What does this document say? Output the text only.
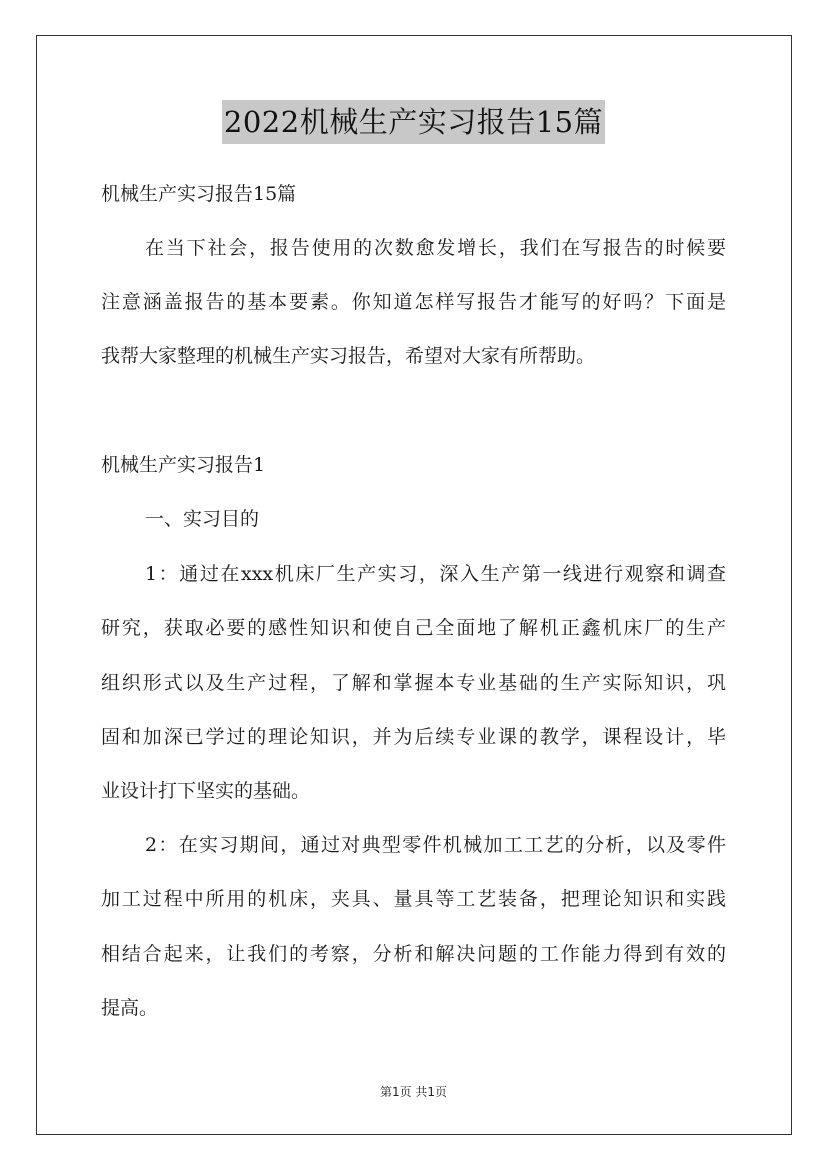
2022机械生产实习报告15篇
机械生产实习报告15篇
在当下社会，报告使用的次数愈发增长，我们在写报告的时候要
注意涵盖报告的基本要素。你知道怎样写报告才能写的好吗？下面是
我帮大家整理的机械生产实习报告，希望对大家有所帮助。
机械生产实习报告1
一、实习目的
1：通过在xxx机床厂生产实习，深入生产第一线进行观察和调查
研究，获取必要的感性知识和使自己全面地了解机正鑫机床厂的生产
组织形式以及生产过程，了解和掌握本专业基础的生产实际知识，巩
固和加深已学过的理论知识，并为后续专业课的教学，课程设计，毕
业设计打下坚实的基础。
2：在实习期间，通过对典型零件机械加工工艺的分析，以及零件
加工过程中所用的机床，夹具、量具等工艺装备，把理论知识和实践
相结合起来，让我们的考察，分析和解决问题的工作能力得到有效的
提高。
第1页 共1页
